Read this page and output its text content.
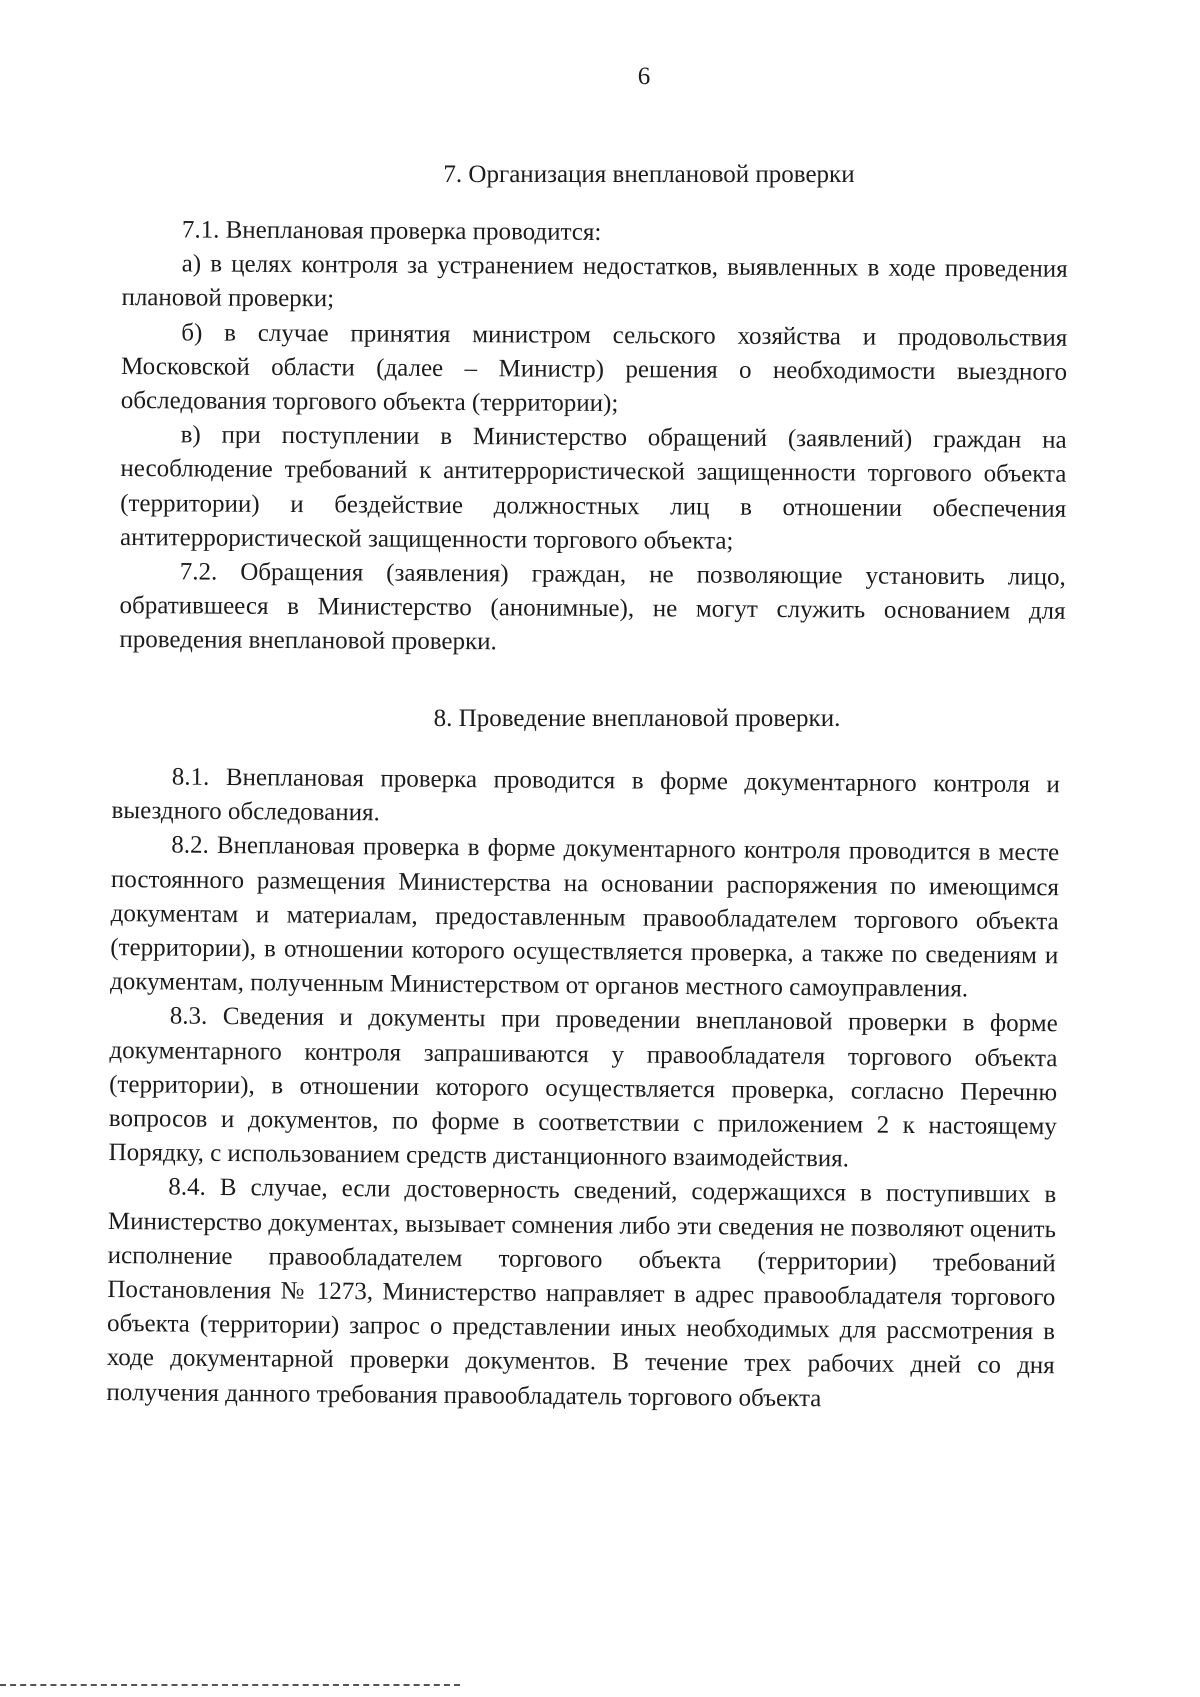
6
7. Организация внеплановой проверки

7.1. Внеплановая проверка проводится:

а) в целях контроля за устранением недостатков, выявленных в ходе проведения плановой проверки;

б) в случае принятия министром сельского хозяйства и продовольствия Московской области (далее – Министр) решения о необходимости выездного обследования торгового объекта (территории);

в) при поступлении в Министерство обращений (заявлений) граждан на несоблюдение требований к антитеррористической защищенности торгового объекта (территории) и бездействие должностных лиц в отношении обеспечения антитеррористической защищенности торгового объекта;

7.2. Обращения (заявления) граждан, не позволяющие установить лицо, обратившееся в Министерство (анонимные), не могут служить основанием для проведения внеплановой проверки.

8. Проведение внеплановой проверки.

8.1. Внеплановая проверка проводится в форме документарного контроля и выездного обследования.

8.2. Внеплановая проверка в форме документарного контроля проводится в месте постоянного размещения Министерства на основании распоряжения по имеющимся документам и материалам, предоставленным правообладателем торгового объекта (территории), в отношении которого осуществляется проверка, а также по сведениям и документам, полученным Министерством от органов местного самоуправления.

8.3. Сведения и документы при проведении внеплановой проверки в форме документарного контроля запрашиваются у правообладателя торгового объекта (территории), в отношении которого осуществляется проверка, согласно Перечню вопросов и документов, по форме в соответствии с приложением 2 к настоящему Порядку, с использованием средств дистанционного взаимодействия.

8.4. В случае, если достоверность сведений, содержащихся в поступивших в Министерство документах, вызывает сомнения либо эти сведения не позволяют оценить исполнение правообладателем торгового объекта (территории) требований Постановления № 1273, Министерство направляет в адрес правообладателя торгового объекта (территории) запрос о представлении иных необходимых для рассмотрения в ходе документарной проверки документов. В течение трех рабочих дней со дня получения данного требования правообладатель торгового объекта
